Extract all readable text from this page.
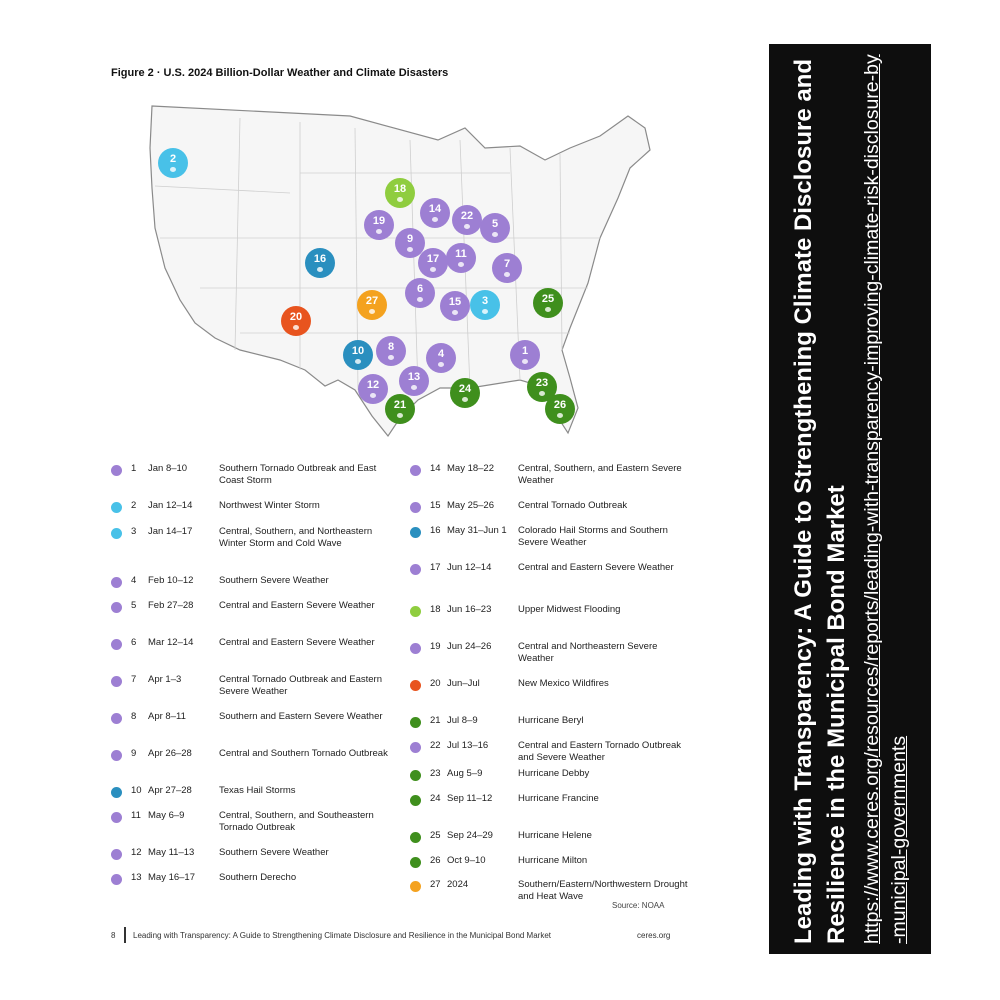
Figure 2 · U.S. 2024 Billion-Dollar Weather and Climate Disasters
1
2
3
4
5
6
7
8
9
10
11
12
13
14
15
16	17
18
19
20
21
22
23
24
25
26
27
1	Jan 8–10	Southern Tornado Outbreak and East Coast Storm
2	Jan 12–14	Northwest Winter Storm
3	Jan 14–17	Central, Southern, and Northeastern Winter Storm and Cold Wave
4	Feb 10–12	Southern Severe Weather
5	Feb 27–28	Central and Eastern Severe Weather
6	Mar 12–14	Central and Eastern Severe Weather
7	Apr 1–3	Central Tornado Outbreak and Eastern Severe Weather
8	Apr 8–11	Southern and Eastern Severe Weather
9	Apr 26–28	Central and Southern Tornado Outbreak
10 Apr 27–28	Texas Hail Storms
11 May 6–9	Central, Southern, and Southeastern Tornado Outbreak
12 May 11–13	Southern Severe Weather
13 May 16–17	Southern Derecho
14 May 18–22	Central, Southern, and Eastern Severe Weather
15 May 25–26	Central Tornado Outbreak
16 May 31–Jun 1	Colorado Hail Storms and Southern Severe Weather
17 Jun 12–14	Central and Eastern Severe Weather
18 Jun 16–23	Upper Midwest Flooding
19 Jun 24–26	Central and Northeastern Severe Weather
20 Jun–Jul	New Mexico Wildfires
21 Jul 8–9	Hurricane Beryl
22 Jul 13–16	Central and Eastern Tornado Outbreak and Severe Weather
23 Aug 5–9	Hurricane Debby
24 Sep 11–12	Hurricane Francine
25 Sep 24–29	Hurricane Helene
26 Oct 9–10	Hurricane Milton
27 2024	Southern/Eastern/Northwestern Drought and Heat Wave
Source: NOAA
8 Leading with Transparency: A Guide to Strengthening Climate Disclosure and Resilience in the Municipal Bond Market	ceres.org	Leading with Transparency: A Guide to Strengthening Climate Disclosure and Resilience in the Municipal Bond Market https://www.ceres.org/resources/reports/leading-with-transparency-improving-climate-risk-disclosure-by-municipal-governments
